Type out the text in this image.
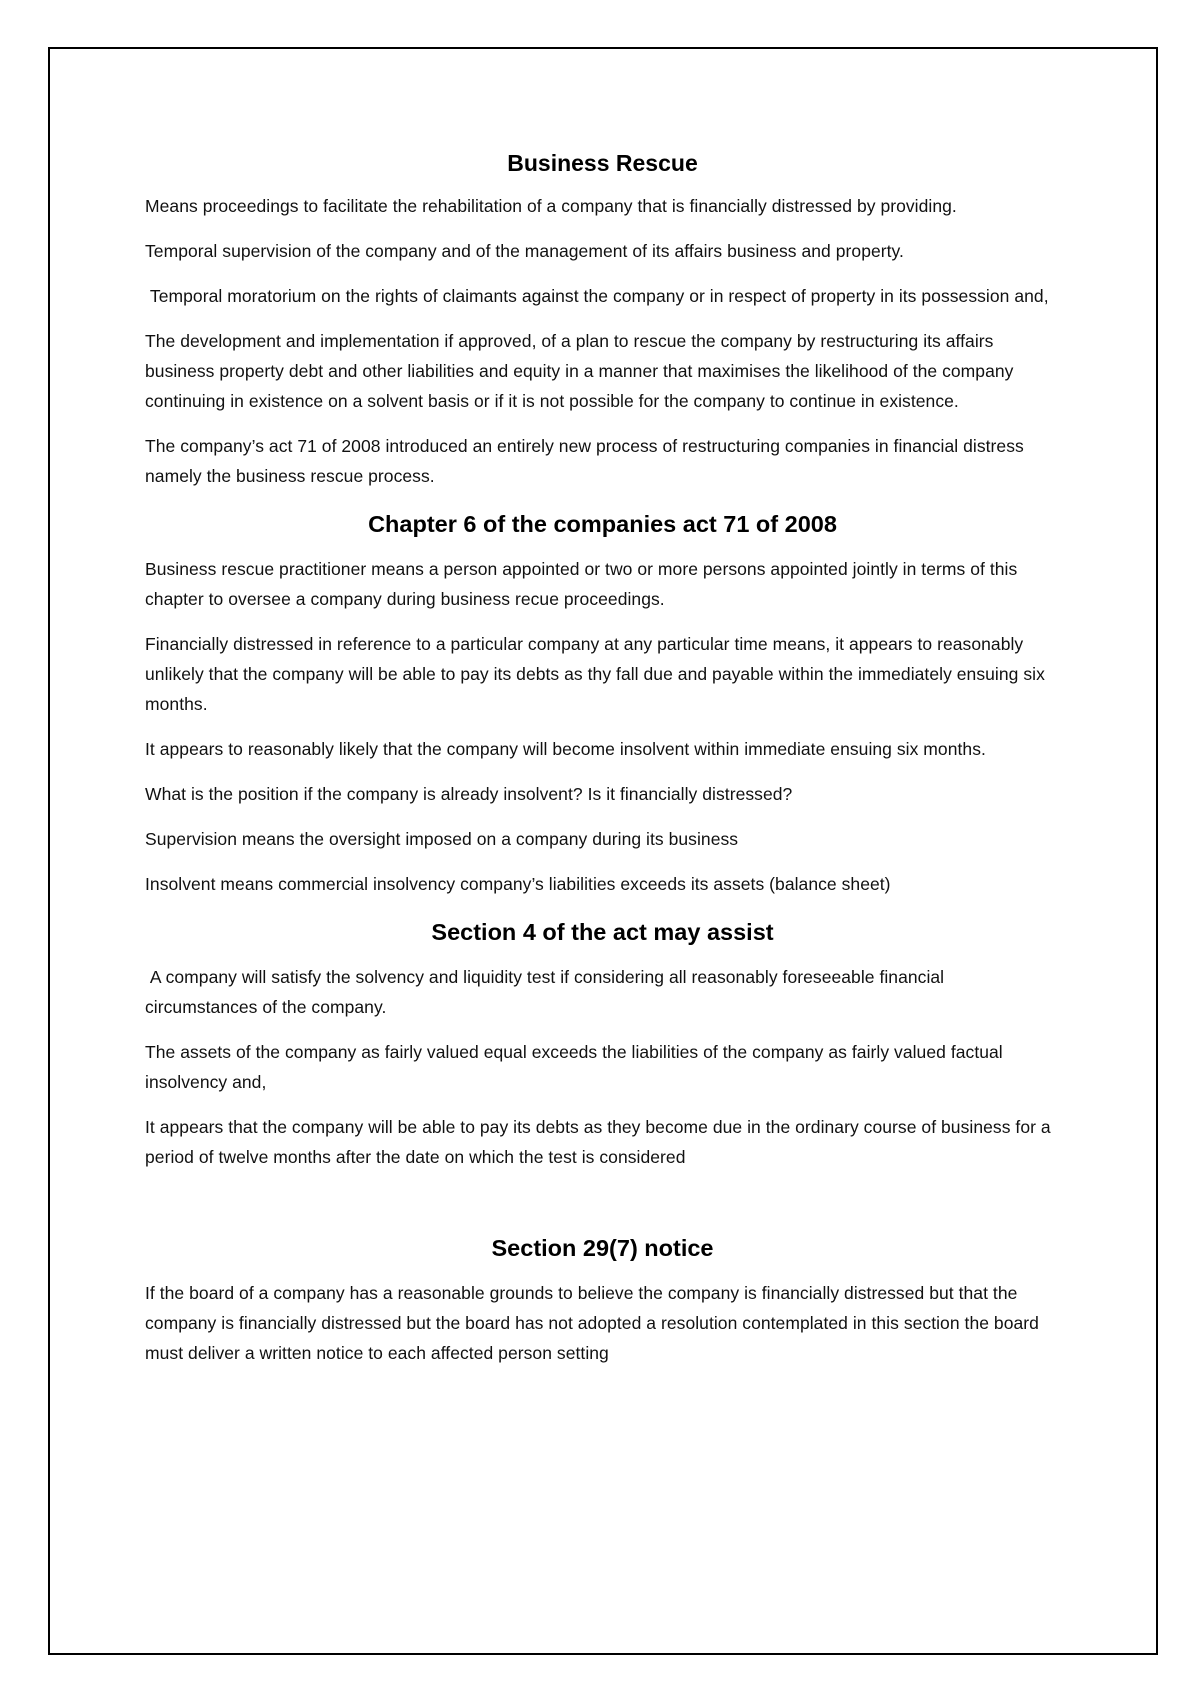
Business Rescue

Means proceedings to facilitate the rehabilitation of a company that is financially distressed by providing.

Temporal supervision of the company and of the management of its affairs business and property.

Temporal moratorium on the rights of claimants against the company or in respect of property in its possession and,

The development and implementation if approved, of a plan to rescue the company by restructuring its affairs business property debt and other liabilities and equity in a manner that maximises the likelihood of the company continuing in existence on a solvent basis or if it is not possible for the company to continue in existence.

The company’s act 71 of 2008 introduced an entirely new process of restructuring companies in financial distress namely the business rescue process.

Chapter 6 of the companies act 71 of 2008

Business rescue practitioner means a person appointed or two or more persons appointed jointly in terms of this chapter to oversee a company during business recue proceedings.

Financially distressed in reference to a particular company at any particular time means, it appears to reasonably unlikely that the company will be able to pay its debts as thy fall due and payable within the immediately ensuing six months.

It appears to reasonably likely that the company will become insolvent within immediate ensuing six months.

What is the position if the company is already insolvent? Is it financially distressed?

Supervision means the oversight imposed on a company during its business

Insolvent means commercial insolvency company’s liabilities exceeds its assets (balance sheet)

Section 4 of the act may assist

A company will satisfy the solvency and liquidity test if considering all reasonably foreseeable financial circumstances of the company.

The assets of the company as fairly valued equal exceeds the liabilities of the company as fairly valued factual insolvency and,

It appears that the company will be able to pay its debts as they become due in the ordinary course of business for a period of twelve months after the date on which the test is considered

Section 29(7) notice

If the board of a company has a reasonable grounds to believe the company is financially distressed but that the company is financially distressed but the board has not adopted a resolution contemplated in this section the board must deliver a written notice to each affected person setting
